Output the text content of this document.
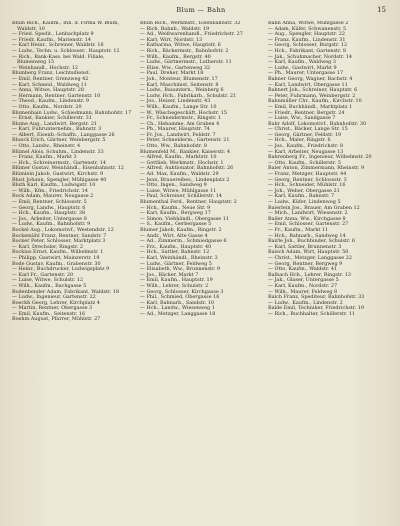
Blum — Bahn	15

Blum Rich., Kaufm., Inh. d. Firma W. Blum, Waldstr. 10

— Fried. Spedit., Lenbachplatz 9

— Friedr. Kaufm., Marienstr. 14

— Karl Heinr., Schreiner, Waldstr. 16

— Ludw., Techn. u. Schlosser., Hauptstr. 12

— Rich., Bank-Kass. bei Wald. Filiale, Blumenweg 15

— Weinhandl., Hochstr. 12

Blumberg Franz, Leichtsdienst.

— Emil, Rentner, Grenzweg 42

— Karl, Schneid., Waldweg 11

— Anna, Witwe, Hauptstr. 28

— Hermann, Rentner, Gartenstr. 10

— Theod., Kaufm., Lindenstr. 9

— Otto, Kaufm., Nordstr. 20

Blumenhain Ludw., Schiedmann, Bahnhofstr. 17

— Ernst, Bankier, Schillerstr. 31

Blume Aug., Landwirt, Bergstr. 21

— Karl, Fuhrunternehm., Bahnstr. 3

— Albert, Eisenb.-Schaffn., Langgasse 26

Blunck Erich, Gärtner, Weinbergstr. 5

— Otto, Landw., Rheinstr. 4

Blümel Alois, Schuhm., Lindenstr. 33

— Franz, Kaufm., Markt 3

— Hch., Schreinermstr., Gartenstr. 14

Blümer Gustav, Weinhändl., Eisenbahnstr. 12

Blümlein Jakob, Gastwirt, Kirchstr. 9

Blust Johann, Spengler, Mühlgasse 40

Bluth Karl, Kaufm., Ludwigstr. 10

— Wilh., Kfm., Friedrichstr. 14

Bock Adam, Maurer, Neugasse 2

— Emil, Rentner, Schlossstr. 5

— Georg, Landw., Hauptstr. 6

— Hch., Kaufm., Hauptstr. 38

— Jos., Arbeiter, Untergasse 8

— Ludw., Kaufm., Bahnhofstr. 9

Bockel Aug., Lokomotivf., Westendstr. 12

Bockemühl Franz, Rentner, Sandstr. 7

Bocker Peter, Schlosser, Marktplatz 3

— Karl, Drechsler, Ringstr. 2

Bockius Ernst, Kaufm., Wilhelmstr. 1

— Philipp, Gastwirt, Mainzerstr. 19

Bode Gustav, Kaufm., Grabenstr. 30

— Heinr., Buchdrucker, Ludwigsplatz 9

— Karl Fr., Gartenstr. 20

— Luise, Witwe, Schulstr. 12

— Wilh., Kaufm., Bachgasse 5

Bodenbender Adam, Fabrikant, Waldstr. 18

— Ludw., Ingenieur, Gartenstr. 22

Boeckh Georg, Lehrer, Kirchplatz 4

— Martin, Rentner, Obergasse 3

— Emil, Kaufm., Seitenstr. 16

Boehm August, Pfarrer, Mühlstr. 27

Blum Rich., Werkmstr., Eisenbahnstr. 32

— Rich. Bahnb., Waldstr. 19

— Ad., Weißwarenhandl., Friedrichstr. 27

— Karl, Wirt, Nordstr. 13

— Katharina, Witwe, Hauptstr. 6

— Rich., Bäckermstr., Bahnhofstr. 2

— Wilh., Kaufm., Bergstr. 40

— Ludw., Gärtnermstr., Lutherstr. 11

— Elise, Ww., Gartenweg 32

— Paul, Dreher, Markt 18

— Joh., Monteur, Blumenstr. 17

— Karl, Maschinist, Seitenstr. 8

— Ludw., Bauuntern., Weinberg 6

— Ludw. Hch., Fabrikarb., Schulstr. 21

— Jos., Heizer, Lindenstr. 43

— Wilh., Kaufm., Lange Str. 10

— W., Wäschegeschäft, Hochstr. 15

— Fr., Schneidermstr., Ringstr. 1

— Ch., Hebamme, Am Graben 4

— Ph., Maurer, Hauptstr. 74

— Fr. Jos., Landwirt, Feldstr. 7

— Peter, Schneiderm., Gartenstr. 21

— Otto, Ww., Bahnhofstr. 8

Blumenfeld M., Bankier, Kaiserstr. 4

— Alfred, Kaufm., Marktstr. 10

— Gottlieb, Werkmstr., Hochstr. 1

— Alfred, Auktionator, Bahnhofstr. 26

— Ad. Max, Kaufm., Waldstr. 29

— Jean, Brauereibes., Lindenplatz 2

— Otto, Ingen., Sandweg 9

— Luise, Witwe, Mühlgasse 11

— Paul, Schreiner, Schillerstr. 14

Blumenthal Ferd., Rentner, Hauptstr. 2

— Hch., Kaufm., Neue Str. 9

— Karl, Kaufm., Bergweg 17

— Simon, Viehhändl., Obergasse 11

— S., Kaufm., Gerbergasse 5

Blumer Jakob, Kaufm., Ringstr. 2

— Andr., Wirt, Alte Gasse 4

— Ad., Zimmerm., Schmiedgasse 6

— Frz., Kaufm., Hauptstr. 40

— Hch., Sattler, Bahnstr. 12

— Karl, Weinhändl., Rheinstr. 3

— Ludw., Gärtner, Feldweg 5

— Elisabeth, Ww., Brunnenstr. 9

— Jos., Bäcker, Markt 7

— Emil, Kaufm., Hauptstr. 19

— Wilh., Lehrer, Schulstr. 2

— Georg, Schlosser, Kirchgasse 3

— Phil., Schmied, Obergasse 16

— Karl, Bahnarb., Sandstr. 10

— Hch., Landw., Wiesenweg 1

— Ad., Metzger, Langgasse 18

Bahn Anna, Witwe, Mühlgasse 2

— Adam, Küfer, Schwanenstr. 5

— Aug., Spengler, Hauptstr. 22

— Franz, Kaufm., Lindenstr. 31

— Georg, Schlosser, Burgstr. 12

— Hch., Fabrikant, Gartenstr. 8

— Jak., Schuhmacher, Nordstr. 14

— Karl, Kaufm., Waldweg 3

— Ludw., Gastwirt, Markt 9

— Ph., Maurer, Untergasse 17

Bahner Georg, Wagner, Bachstr. 4

— Karl, Landwirt, Obergasse 11

Bahnert Joh., Schreiner, Hauptstr. 6

— Peter, Fuhrmann, Weinbergstr. 2

Bahnmüller Chr., Kaufm., Kirchstr. 10

— Emil, Buchhändl., Marktplatz 1

— Friedr., Rentner, Bergstr. 24

— Luise, Ww., Sandgasse 7

Bahr Adolf, Lokomotivf., Bahnhofstr. 30

— Christ., Bäcker, Lange Str. 15

— Georg, Gärtner, Feldstr. 19

— Hch., Maler, Ringstr. 6

— Jos., Kaufm., Friedrichstr. 8

— Karl, Arbeiter, Neugasse 13

Bahrenberg Fr., Ingenieur, Wilhelmstr. 20

— Otto, Kaufm., Schillerstr. 5

Baier Anton, Zimmermann, Rheinstr. 9

— Franz, Metzger, Hauptstr. 44

— Georg, Rentner, Schlossstr. 3

— Hch., Schneider, Mühlstr. 16

— Joh., Weber, Obergasse 21

— Karl, Kaufm., Bahnstr. 7

— Ludw., Küfer, Lindenweg 5

Baierlein Jos., Brauer, Am Graben 12

— Mich., Landwirt, Wiesenstr. 2

Bailer Anna, Ww., Kirchgasse 8

— Emil, Schlosser, Gartenstr. 27

— Fr., Kaufm., Markt 11

— Hch., Bahnarb., Sandweg 14

Bairle Joh., Buchbinder, Schulstr. 6

— Karl, Sattler, Brunnenstr. 3

Baisch Adam, Wirt, Hauptstr. 50

— Christ., Metzger, Langgasse 22

— Georg, Rentner, Bergweg 9

— Otto, Kaufm., Waldstr. 41

Balbach Hch., Lehrer, Ringstr. 13

— Jak., Glaser, Untergasse 5

— Karl, Kaufm., Nordstr. 27

— Wilh., Maurer, Feldweg 8

Balch Franz, Spediteur, Bahnhofstr. 33

— Ludw., Kaufm., Lindenstr. 2

Balde Emil, Techniker, Friedrichstr. 19

— Rich., Buchhalter, Schillerstr. 11
